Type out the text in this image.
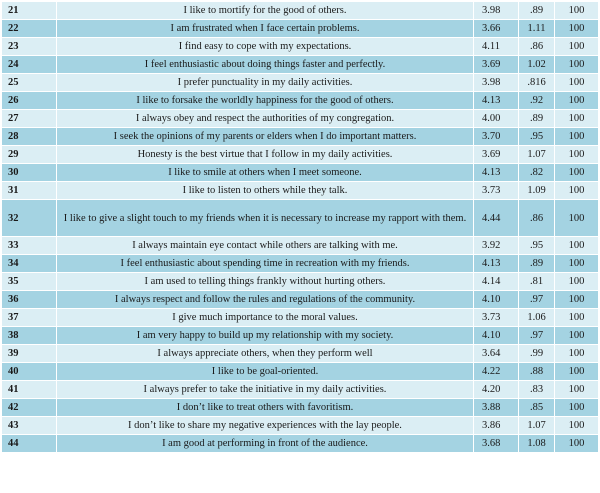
21	I like to mortify for the good of others.	3.98	.89	100
22	I am frustrated when I face certain problems.	3.66	1.11	100
23	I find easy to cope with my expectations.	4.11	.86	100
24	I feel enthusiastic about doing things faster and perfectly.	3.69	1.02	100
25	I prefer punctuality in my daily activities.	3.98	.816	100
26	I like to forsake the worldly happiness for the good of others.	4.13	.92	100
27	I always obey and respect the authorities of my congregation.	4.00	.89	100
28	I seek the opinions of my parents or elders when I do important matters.	3.70	.95	100
29	Honesty is the best virtue that I follow in my daily activities.	3.69	1.07	100
30	I like to smile at others when I meet someone.	4.13	.82	100
31	I like to listen to others while they talk.	3.73	1.09	100
32	I like to give a slight touch to my friends when it is necessary to increase my rapport with them.	4.44	.86	100
33	I always maintain eye contact while others are talking with me.	3.92	.95	100
34	I feel enthusiastic about spending time in recreation with my friends.	4.13	.89	100
35	I am used to telling things frankly without hurting others.	4.14	.81	100
36	I always respect and follow the rules and regulations of the community.	4.10	.97	100
37	I give much importance to the moral values.	3.73	1.06	100
38	I am very happy to build up my relationship with my society.	4.10	.97	100
39	I always appreciate others, when they perform well	3.64	.99	100
40	I like to be goal-oriented.	4.22	.88	100
41	I always prefer to take the initiative in my daily activities.	4.20	.83	100
42	I don’t like to treat others with favoritism.	3.88	.85	100
43	I don’t like to share my negative experiences with the lay people.	3.86	1.07	100
44	I am good at performing in front of the audience.	3.68	1.08	100
